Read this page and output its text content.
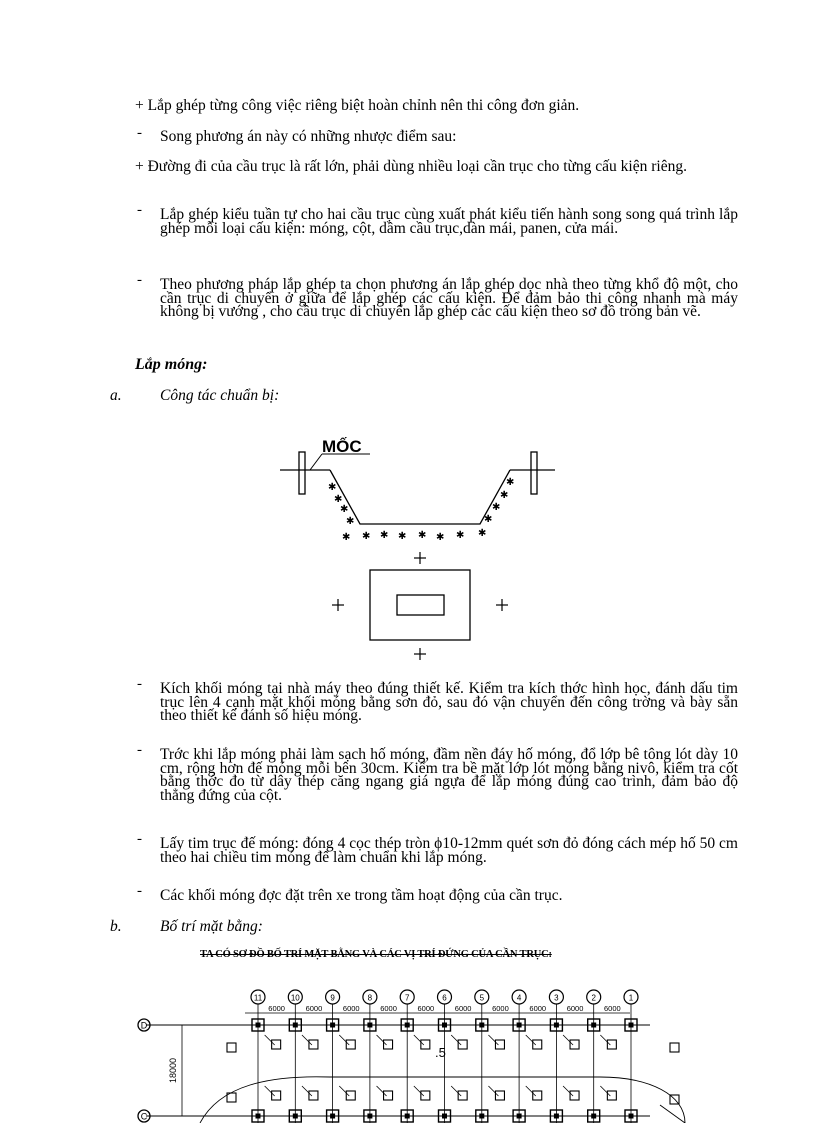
+ Lắp ghép từng công việc riêng biệt hoàn chỉnh nên thi công đơn giản.
- Song phương án này có những nhược điểm sau:
+ Đường đi của cầu trục là rất lớn, phải dùng nhiều loại cần trục cho từng cấu kiện riêng.
- Lắp ghép kiểu tuần tự cho hai cầu trục cùng xuất phát kiểu tiến hành song song quá trình lắp ghép mỗi loại cấu kiện: móng, cột, dầm cầu trục,dàn mái, panen, cửa mái.
- Theo phương pháp lắp ghép ta chọn phương án lắp ghép dọc nhà theo từng khổ độ một, cho cần trục di chuyển ở giữa để lắp ghép các cấu kiện. Để đảm bảo thi công nhanh mà máy không bị vướng , cho cầu trục di chuyển lắp ghép các cấu kiện theo sơ đồ trong bản vẽ.
Lắp móng:
a. Công tác chuẩn bị:
MỐC
✱
✱
✱
✱
✱ ✱ ✱ ✱ ✱ ✱ ✱ ✱
✱
✱
✱
✱
- Kích khối móng tại nhà máy theo đúng thiết kế. Kiểm tra kích thớc hình học, đánh dấu tim trục lên 4 cạnh mặt khối móng bằng sơn đỏ, sau đó vận chuyển đến công trờng và bày sẵn theo thiết kế đánh số hiệu móng.
- Trớc khi lắp móng phải làm sạch hố móng, đầm nền đáy hố móng, đổ lớp bê tông lót dày 10 cm, rộng hơn đế móng mỗi bên 30cm. Kiểm tra bề mặt lớp lót móng bằng nivô, kiểm tra cốt bằng thớc đo từ dây thép căng ngang giá ngựa để lắp móng đúng cao trình, đảm bảo độ thẳng đứng của cột.
- Lấy tim trục đế móng: đóng 4 cọc thép tròn ϕ10-12mm quét sơn đỏ đóng cách mép hố 50 cm theo hai chiều tim móng để làm chuẩn khi lắp móng.
- Các khối móng đợc đặt trên xe trong tầm hoạt động của cần trục.
b. Bố trí mặt bằng:
TA CÓ SƠ ĐỒ BỐ TRÍ MẶT BẰNG VÀ CÁC VỊ TRÍ ĐỨNG CỦA CẦN TRỤC:
11	10	9	8	7	6	5	4	3	2	1
6000	6000	6000	6000	6000	6000	6000	6000	6000	6000
D
C
18000
.5
